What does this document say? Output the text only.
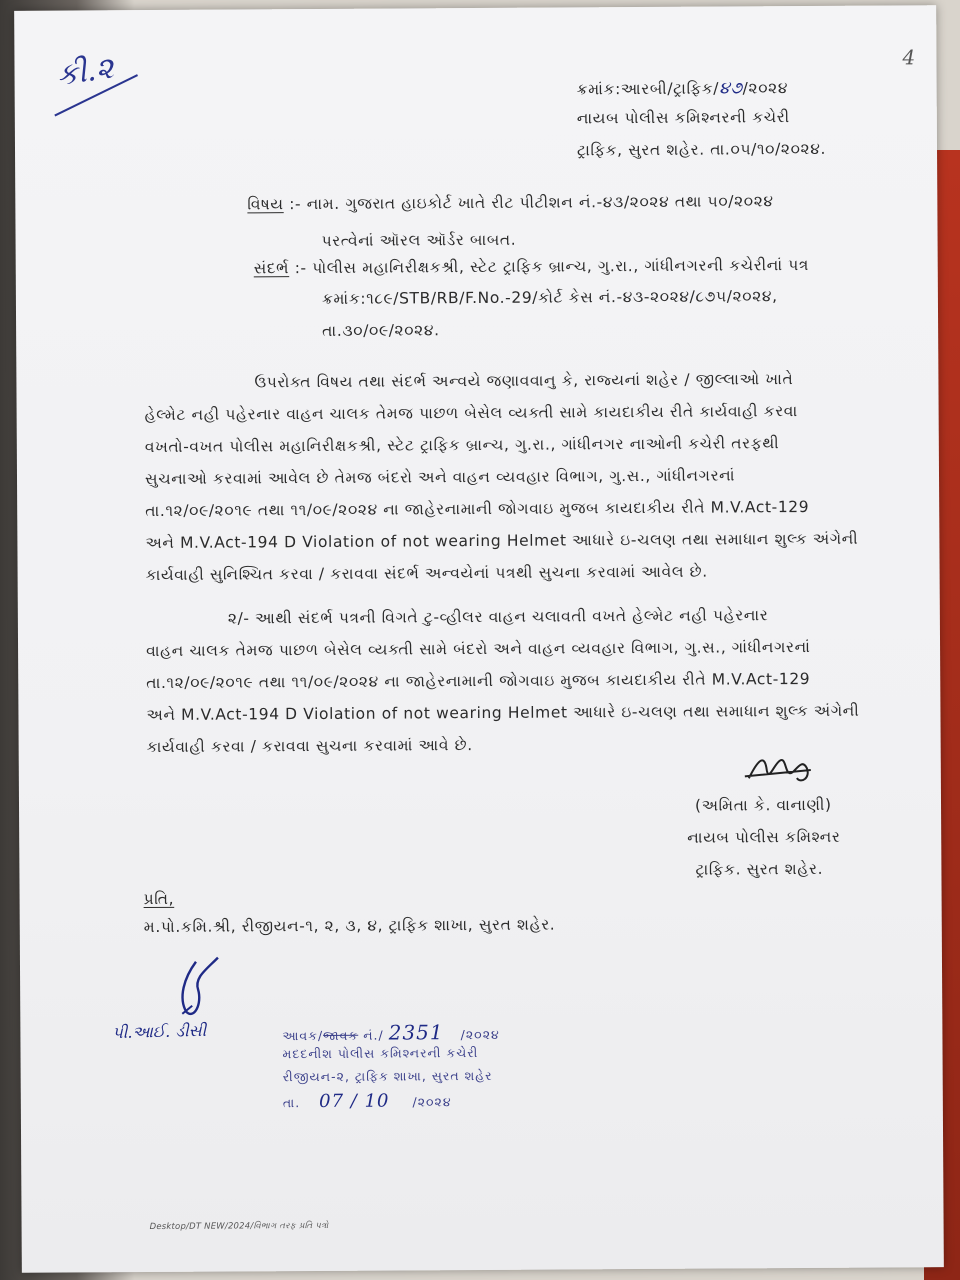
કી.૨	4
ક્રમાંક:આરબી/ટ્રાફિક/૪૭/૨૦૨૪
નાયબ પોલીસ કમિશ્નરની કચેરી
ટ્રાફિક, સુરત શહેર. તા.૦૫/૧૦/૨૦૨૪.
વિષય :- નામ. ગુજરાત હાઇકોર્ટ ખાતે રીટ પીટીશન નં.-૪૩/૨૦૨૪ તથા ૫૦/૨૦૨૪
પરત્વેનાં ઑરલ ઑર્ડર બાબત.
સંદર્ભ :- પોલીસ મહાનિરીક્ષકશ્રી, સ્ટેટ ટ્રાફિક બ્રાન્ચ, ગુ.રા., ગાંધીનગરની કચેરીનાં પત્ર
ક્રમાંક:૧૮૯/STB/RB/F.No.-29/કોર્ટ કેસ નં.-૪૩-૨૦૨૪/૮૭૫/૨૦૨૪,
તા.૩૦/૦૯/૨૦૨૪.
ઉપરોક્ત વિષય તથા સંદર્ભ અન્વયે જણાવવાનુ કે, રાજ્યનાં શહેર / જીલ્લાઓ ખાતે
હેલ્મેટ નહી પહેરનાર વાહન ચાલક તેમજ પાછળ બેસેલ વ્યક્તી સામે કાયદાકીય રીતે કાર્યવાહી કરવા
વખતો-વખત પોલીસ મહાનિરીક્ષકશ્રી, સ્ટેટ ટ્રાફિક બ્રાન્ચ, ગુ.રા., ગાંધીનગર નાઓની કચેરી તરફથી
સુચનાઓ કરવામાં આવેલ છે તેમજ બંદરો અને વાહન વ્યવહાર વિભાગ, ગુ.સ., ગાંધીનગરનાં
તા.૧૨/૦૯/૨૦૧૯ તથા ૧૧/૦૯/૨૦૨૪ ના જાહેરનામાની જોગવાઇ મુજબ કાયદાકીય રીતે M.V.Act-129
અને M.V.Act-194 D Violation of not wearing Helmet આધારે ઇ-ચલણ તથા સમાધાન શુલ્ક અંગેની
કાર્યવાહી સુનિશ્ચિત કરવા / કરાવવા સંદર્ભ અન્વયેનાં પત્રથી સુચના કરવામાં આવેલ છે.
૨/- આથી સંદર્ભ પત્રની વિગતે ટુ-વ્હીલર વાહન ચલાવતી વખતે હેલ્મેટ નહી પહેરનાર
વાહન ચાલક તેમજ પાછળ બેસેલ વ્યક્તી સામે બંદરો અને વાહન વ્યવહાર વિભાગ, ગુ.સ., ગાંધીનગરનાં
તા.૧૨/૦૯/૨૦૧૯ તથા ૧૧/૦૯/૨૦૨૪ ના જાહેરનામાની જોગવાઇ મુજબ કાયદાકીય રીતે M.V.Act-129
અને M.V.Act-194 D Violation of not wearing Helmet આધારે ઇ-ચલણ તથા સમાધાન શુલ્ક અંગેની
કાર્યવાહી કરવા / કરાવવા સુચના કરવામાં આવે છે.
(અમિતા કે. વાનાણી)
નાયબ પોલીસ કમિશ્નર
ટ્રાફિક. સુરત શહેર.
પ્રતિ,
મ.પો.કમિ.શ્રી, રીજીયન-૧, ૨, ૩, ૪, ટ્રાફિક શાખા, સુરત શહેર.
પી.આઈ. ડીસી	આવક/જાવક નં./ 2351 /૨૦૨૪
મદદનીશ પોલીસ કમિશ્નરની કચેરી
રીજીયન-૨, ટ્રાફિક શાખા, સુરત શહેર
તા. 07 / 10 /૨૦૨૪
Desktop/DT NEW/2024/વિભાગ તરફ પ્રતિ પત્રો
